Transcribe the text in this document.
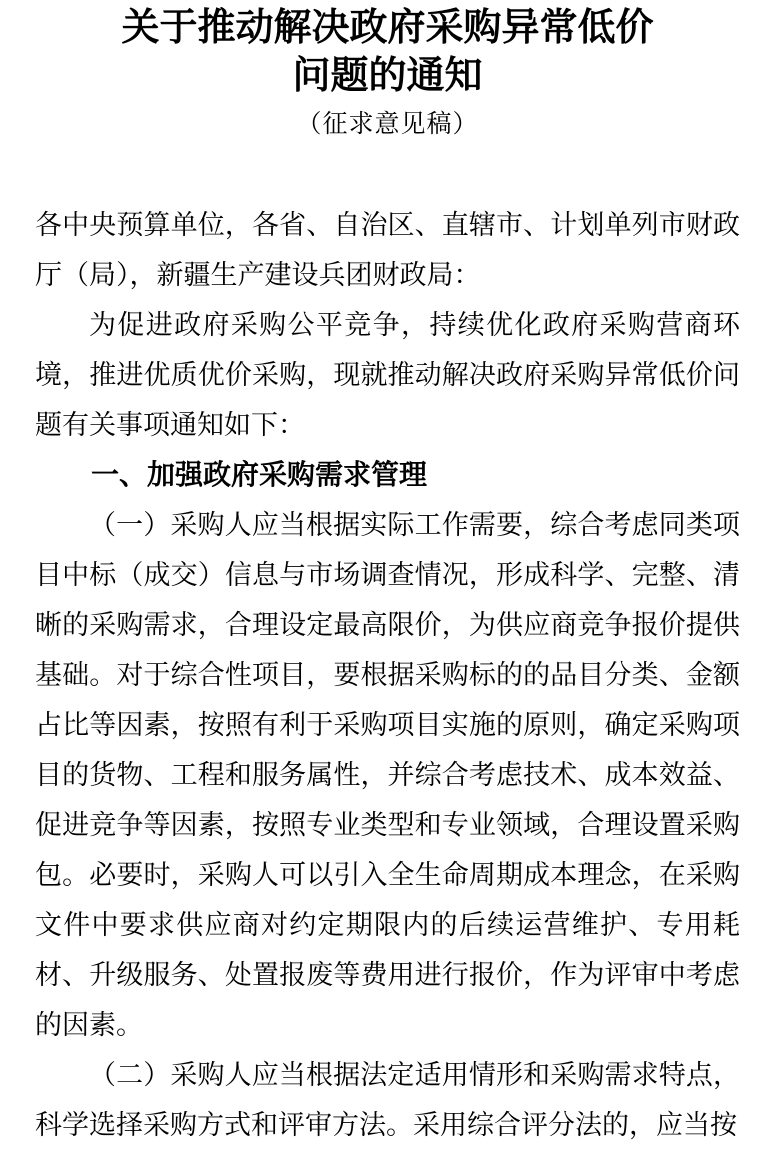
关于推动解决政府采购异常低价
问题的通知
（征求意见稿）

各中央预算单位，各省、自治区、直辖市、计划单列市财政厅（局），新疆生产建设兵团财政局：

为促进政府采购公平竞争，持续优化政府采购营商环境，推进优质优价采购，现就推动解决政府采购异常低价问题有关事项通知如下：

一、加强政府采购需求管理

（一）采购人应当根据实际工作需要，综合考虑同类项目中标（成交）信息与市场调查情况，形成科学、完整、清晰的采购需求，合理设定最高限价，为供应商竞争报价提供基础。对于综合性项目，要根据采购标的的品目分类、金额占比等因素，按照有利于采购项目实施的原则，确定采购项目的货物、工程和服务属性，并综合考虑技术、成本效益、促进竞争等因素，按照专业类型和专业领域，合理设置采购包。必要时，采购人可以引入全生命周期成本理念，在采购文件中要求供应商对约定期限内的后续运营维护、专用耗材、升级服务、处置报废等费用进行报价，作为评审中考虑的因素。

（二）采购人应当根据法定适用情形和采购需求特点，科学选择采购方式和评审方法。采用综合评分法的，应当按
